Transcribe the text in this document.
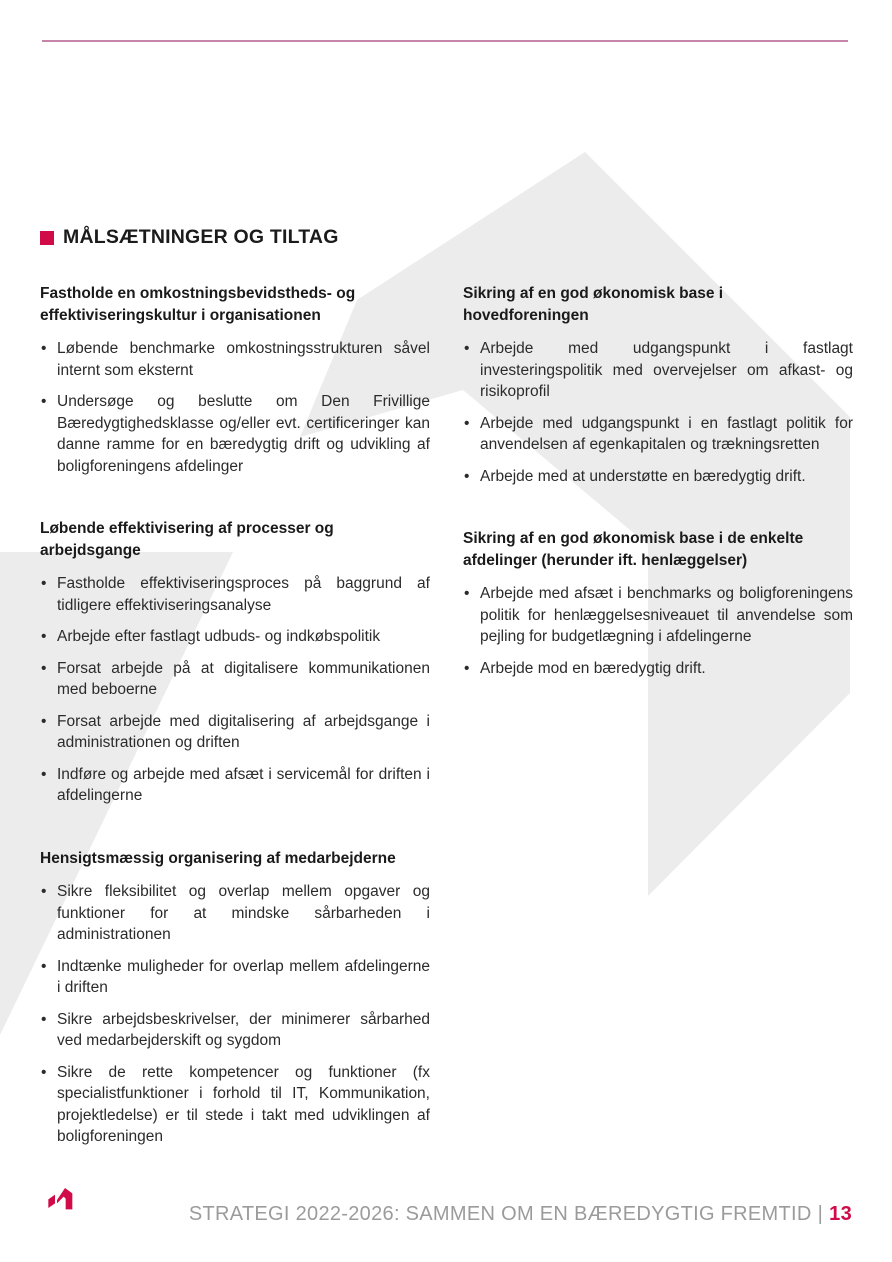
MÅLSÆTNINGER OG TILTAG
Fastholde en omkostningsbevidstheds- og effektiviseringskultur i organisationen
• Løbende benchmarke omkostningsstrukturen såvel internt som eksternt
• Undersøge og beslutte om Den Frivillige Bæredygtighedsklasse og/eller evt. certificeringer kan danne ramme for en bæredygtig drift og udvikling af boligforeningens afdelinger
Løbende effektivisering af processer og arbejdsgange
• Fastholde effektiviseringsproces på baggrund af tidligere effektiviseringsanalyse
• Arbejde efter fastlagt udbuds- og indkøbspolitik
• Forsat arbejde på at digitalisere kommunikationen med beboerne
• Forsat arbejde med digitalisering af arbejdsgange i administrationen og driften
• Indføre og arbejde med afsæt i servicemål for driften i afdelingerne
Hensigtsmæssig organisering af medarbejderne
• Sikre fleksibilitet og overlap mellem opgaver og funktioner for at mindske sårbarheden i administrationen
• Indtænke muligheder for overlap mellem afdelingerne i driften
• Sikre arbejdsbeskrivelser, der minimerer sårbarhed ved medarbejderskift og sygdom
• Sikre de rette kompetencer og funktioner (fx specialistfunktioner i forhold til IT, Kommunikation, projektledelse) er til stede i takt med udviklingen af boligforeningen
Sikring af en god økonomisk base i hovedforeningen
• Arbejde med udgangspunkt i fastlagt investeringspolitik med overvejelser om afkast- og risikoprofil
• Arbejde med udgangspunkt i en fastlagt politik for anvendelsen af egenkapitalen og trækningsretten
• Arbejde med at understøtte en bæredygtig drift.
Sikring af en god økonomisk base i de enkelte afdelinger (herunder ift. henlæggelser)
• Arbejde med afsæt i benchmarks og boligforeningens politik for henlæggelsesniveauet til anvendelse som pejling for budgetlægning i afdelingerne
• Arbejde mod en bæredygtig drift.
STRATEGI 2022-2026: SAMMEN OM EN BÆREDYGTIG FREMTID | 13
